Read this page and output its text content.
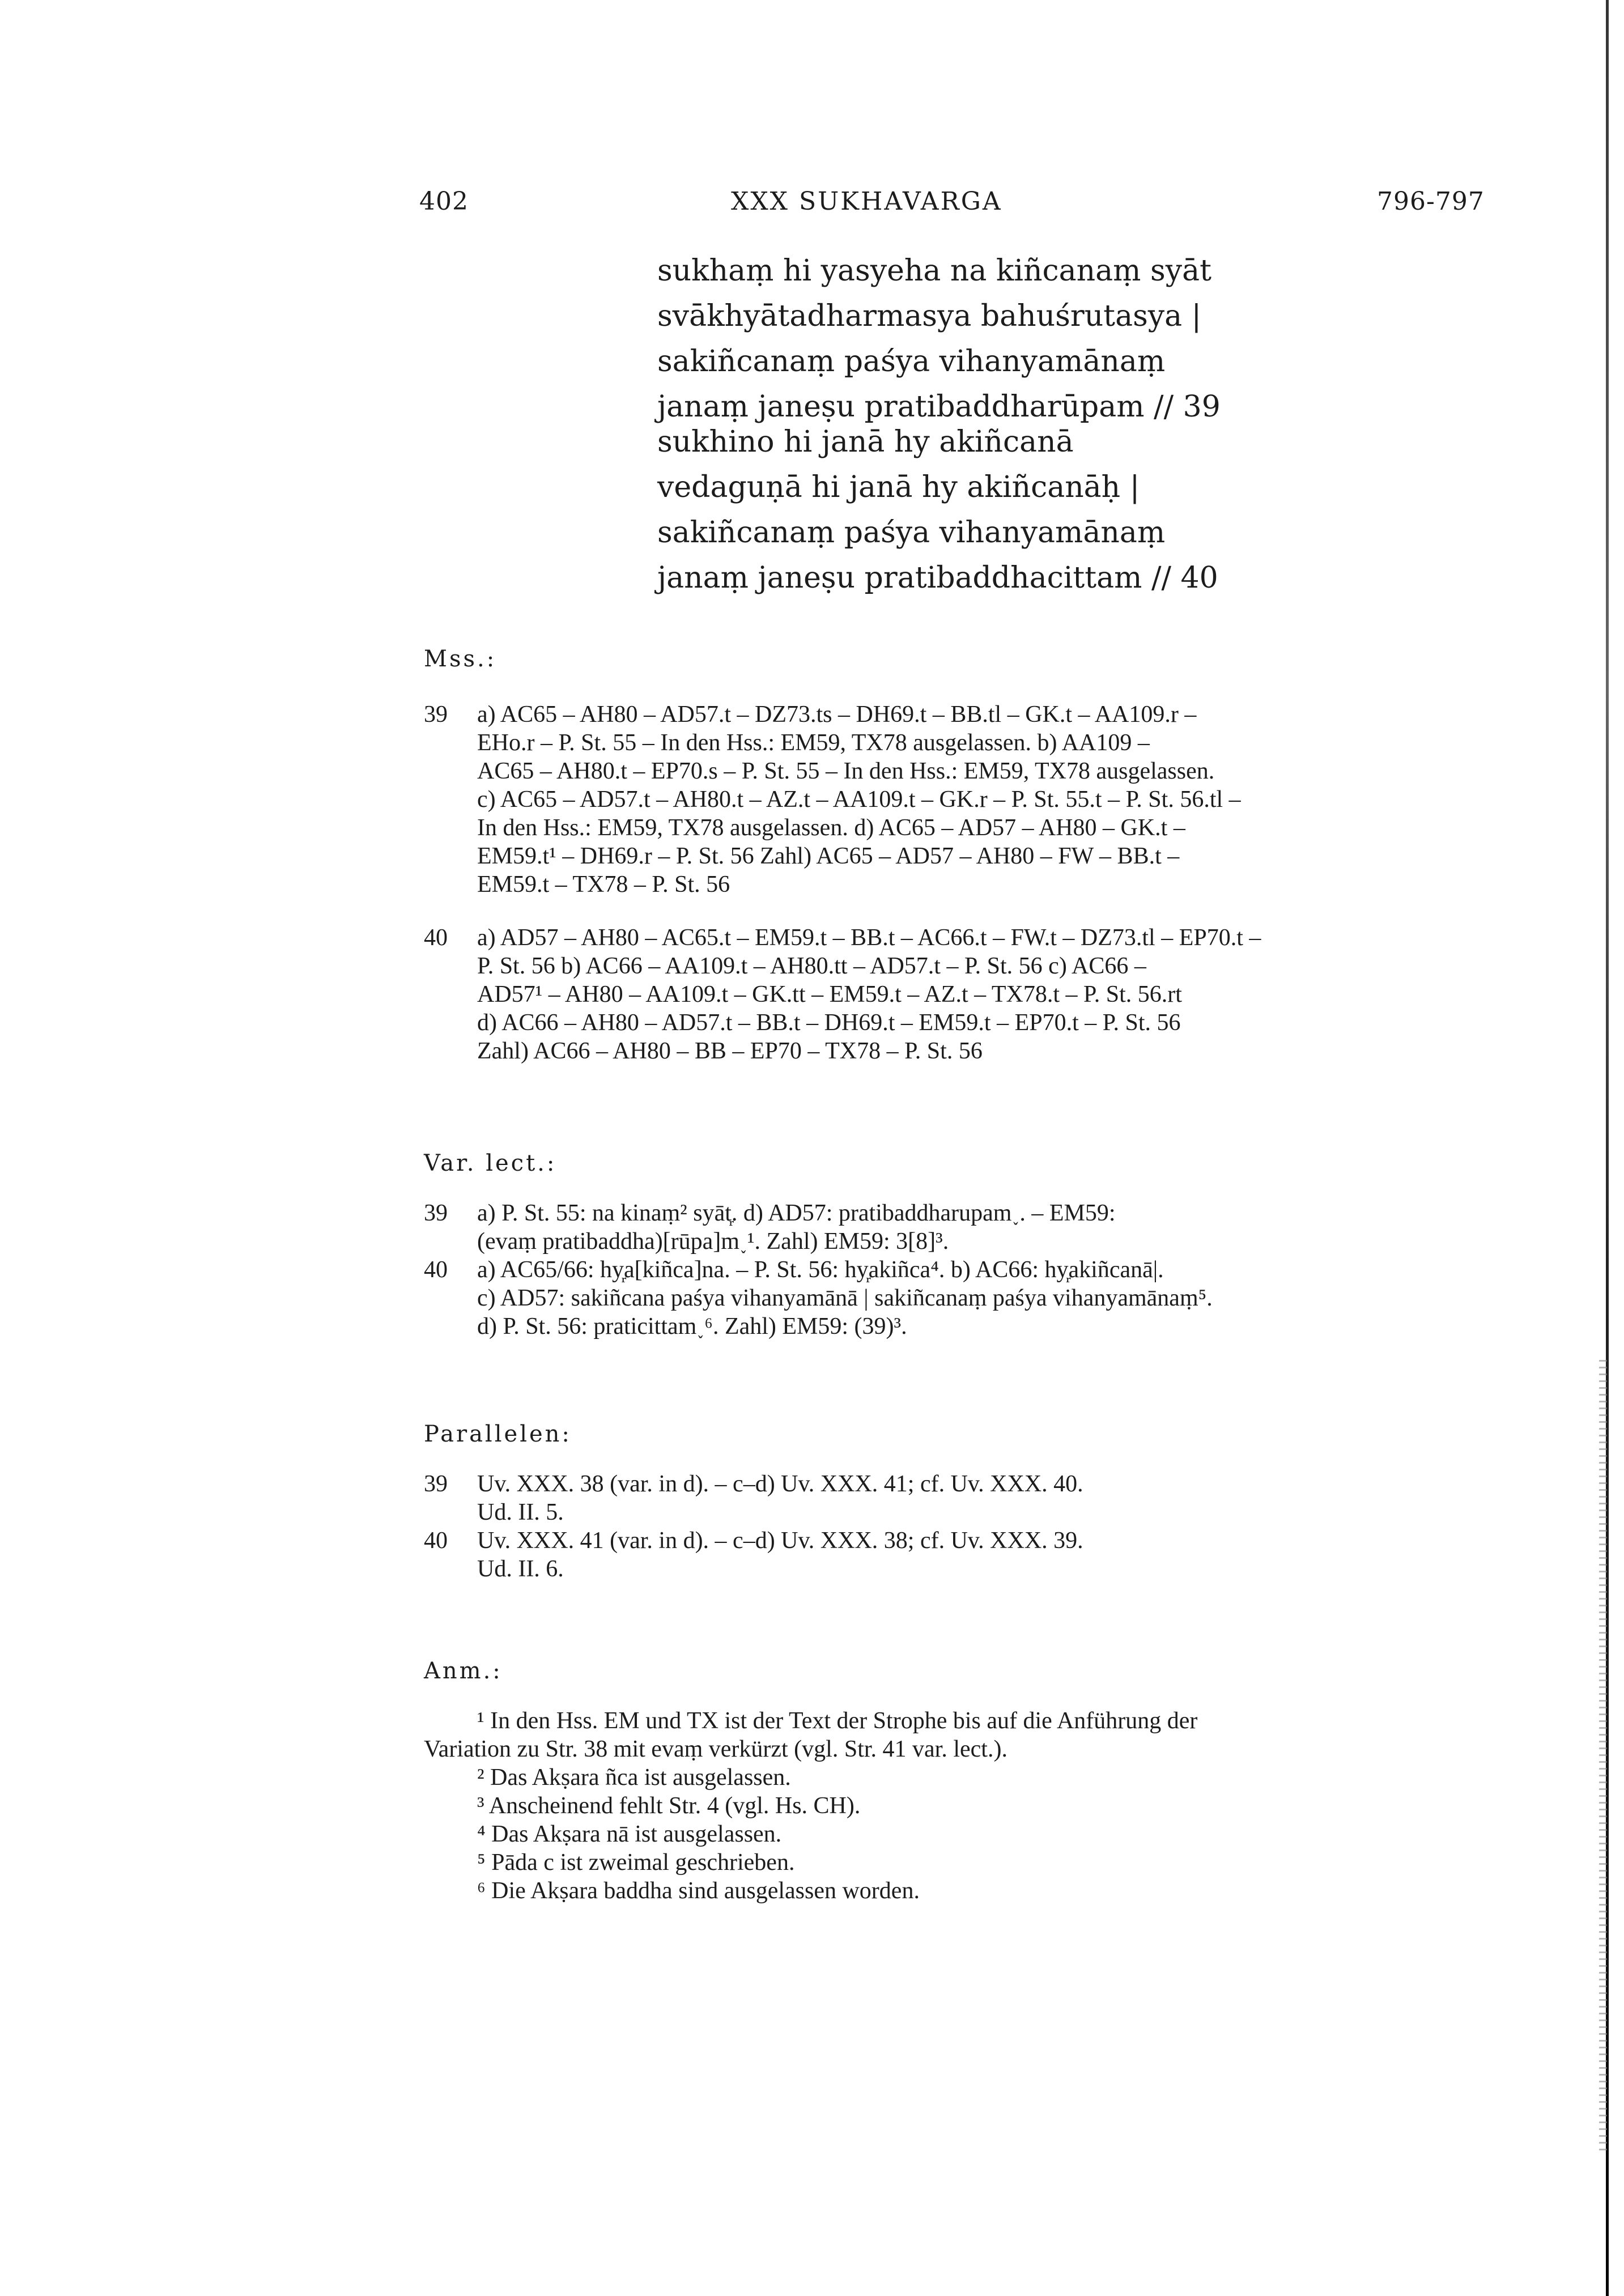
402	XXX SUKHAVARGA	796-797
sukhaṃ hi yasyeha na kiñcanaṃ syāt
svākhyātadharmasya bahuśrutasya |
sakiñcanaṃ paśya vihanyamānaṃ
janaṃ janeṣu pratibaddharūpam // 39
sukhino hi janā hy akiñcanā
vedaguṇā hi janā hy akiñcanāḥ |
sakiñcanaṃ paśya vihanyamānaṃ
janaṃ janeṣu pratibaddhacittam // 40
Mss.:
39 a) AC65 – AH80 – AD57.t – DZ73.ts – DH69.t – BB.tl – GK.t – AA109.r –
EHo.r – P. St. 55 – In den Hss.: EM59, TX78 ausgelassen. b) AA109 –
AC65 – AH80.t – EP70.s – P. St. 55 – In den Hss.: EM59, TX78 ausgelassen.
c) AC65 – AD57.t – AH80.t – AZ.t – AA109.t – GK.r – P. St. 55.t – P. St. 56.tl –
In den Hss.: EM59, TX78 ausgelassen. d) AC65 – AD57 – AH80 – GK.t –
EM59.t¹ – DH69.r – P. St. 56 Zahl) AC65 – AD57 – AH80 – FW – BB.t –
EM59.t – TX78 – P. St. 56
40 a) AD57 – AH80 – AC65.t – EM59.t – BB.t – AC66.t – FW.t – DZ73.tl – EP70.t –
P. St. 56 b) AC66 – AA109.t – AH80.tt – AD57.t – P. St. 56 c) AC66 –
AD57¹ – AH80 – AA109.t – GK.tt – EM59.t – AZ.t – TX78.t – P. St. 56.rt
d) AC66 – AH80 – AD57.t – BB.t – DH69.t – EM59.t – EP70.t – P. St. 56
Zahl) AC66 – AH80 – BB – EP70 – TX78 – P. St. 56
Var. lect.:
39 a) P. St. 55: na kinaṃ² syāt᷊. d) AD57: pratibaddharupam˯. – EM59:
(evaṃ pratibaddha)[rūpa]m˯¹. Zahl) EM59: 3[8]³.
40 a) AC65/66: hy᷊a[kiñca]na. – P. St. 56: hy᷊akiñca⁴. b) AC66: hy᷊akiñcanā|.
c) AD57: sakiñcana paśya vihanyamānā | sakiñcanaṃ paśya vihanyamānaṃ⁵.
d) P. St. 56: praticittam˯⁶. Zahl) EM59: (39)³.
Parallelen:
39 Uv. XXX. 38 (var. in d). – c–d) Uv. XXX. 41; cf. Uv. XXX. 40.
Ud. II. 5.
40 Uv. XXX. 41 (var. in d). – c–d) Uv. XXX. 38; cf. Uv. XXX. 39.
Ud. II. 6.
Anm.:
¹ In den Hss. EM und TX ist der Text der Strophe bis auf die Anführung der
Variation zu Str. 38 mit evaṃ verkürzt (vgl. Str. 41 var. lect.).
² Das Akṣara ñca ist ausgelassen.
³ Anscheinend fehlt Str. 4 (vgl. Hs. CH).
⁴ Das Akṣara nā ist ausgelassen.
⁵ Pāda c ist zweimal geschrieben.
⁶ Die Akṣara baddha sind ausgelassen worden.
